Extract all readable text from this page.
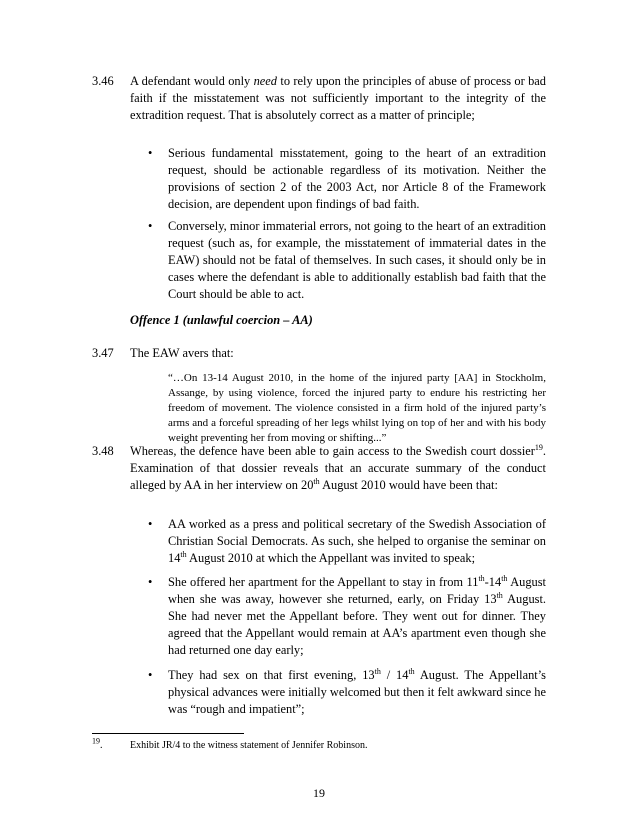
3.46 A defendant would only need to rely upon the principles of abuse of process or bad faith if the misstatement was not sufficiently important to the integrity of the extradition request. That is absolutely correct as a matter of principle;
• Serious fundamental misstatement, going to the heart of an extradition request, should be actionable regardless of its motivation. Neither the provisions of section 2 of the 2003 Act, nor Article 8 of the Framework decision, are dependent upon findings of bad faith.
• Conversely, minor immaterial errors, not going to the heart of an extradition request (such as, for example, the misstatement of immaterial dates in the EAW) should not be fatal of themselves. In such cases, it should only be in cases where the defendant is able to additionally establish bad faith that the Court should be able to act.
Offence 1 (unlawful coercion – AA)
3.47 The EAW avers that:
“…On 13-14 August 2010, in the home of the injured party [AA] in Stockholm, Assange, by using violence, forced the injured party to endure his restricting her freedom of movement. The violence consisted in a firm hold of the injured party’s arms and a forceful spreading of her legs whilst lying on top of her and with his body weight preventing her from moving or shifting...”
3.48 Whereas, the defence have been able to gain access to the Swedish court dossier$^{19}$. Examination of that dossier reveals that an accurate summary of the conduct alleged by AA in her interview on 20th August 2010 would have been that:
• AA worked as a press and political secretary of the Swedish Association of Christian Social Democrats. As such, she helped to organise the seminar on 14th August 2010 at which the Appellant was invited to speak;
• She offered her apartment for the Appellant to stay in from 11th-14th August when she was away, however she returned, early, on Friday 13th August. She had never met the Appellant before. They went out for dinner. They agreed that the Appellant would remain at AA’s apartment even though she had returned one day early;
• They had sex on that first evening, 13th / 14th August. The Appellant’s physical advances were initially welcomed but then it felt awkward since he was “rough and impatient”;
$^{19}$.	Exhibit JR/4 to the witness statement of Jennifer Robinson.
19
